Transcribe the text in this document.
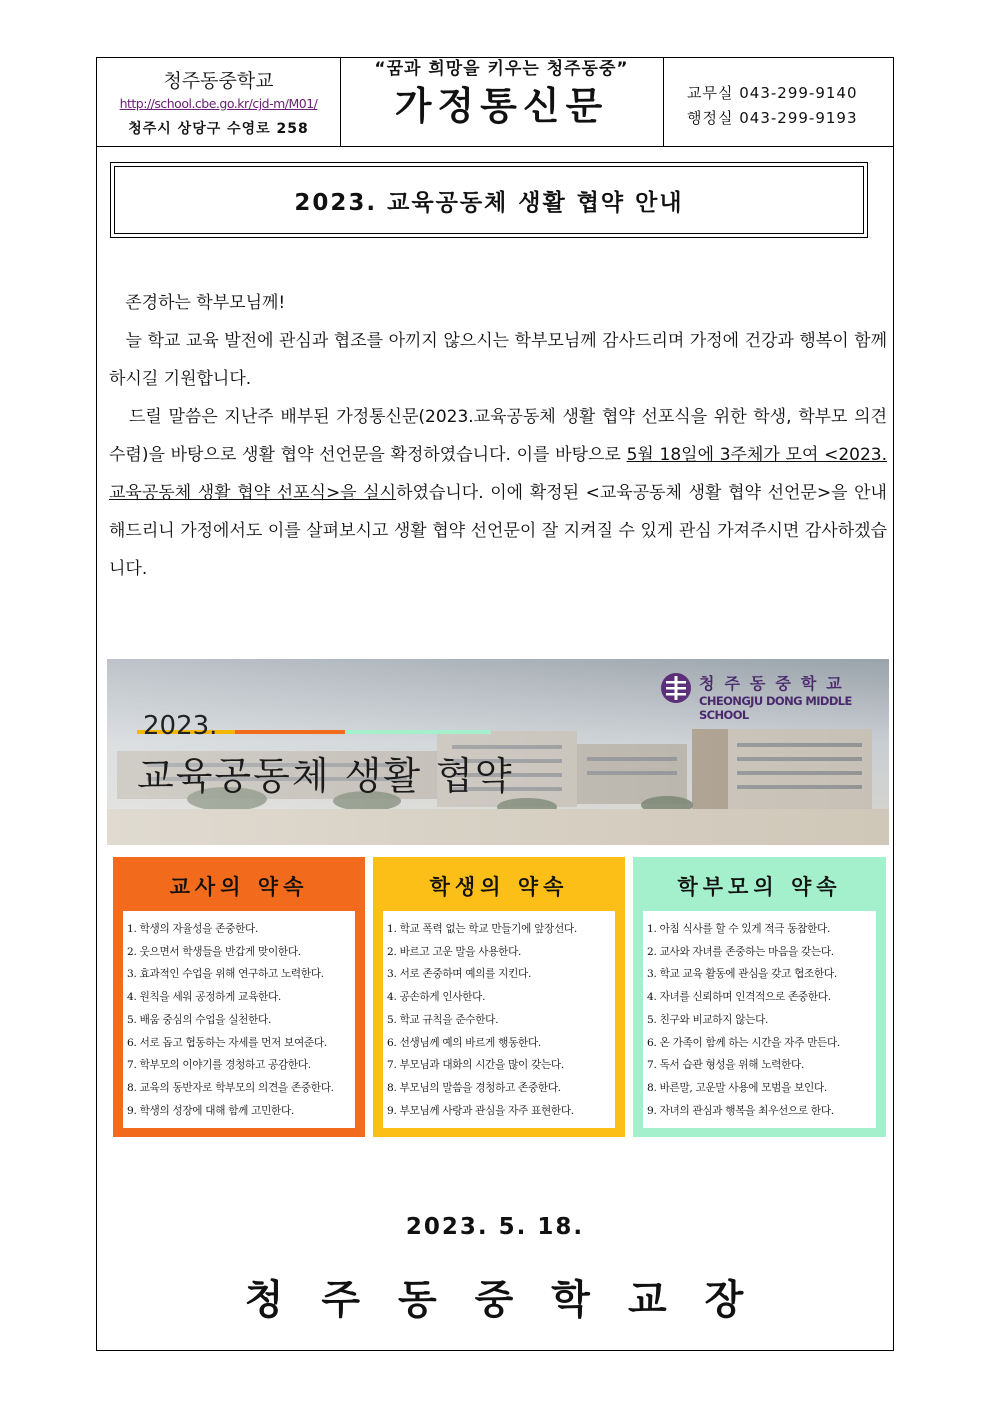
청주동중학교
http://school.cbe.go.kr/cjd-m/M01/
청주시 상당구 수영로 258
“꿈과 희망을 키우는 청주동중”
가정통신문	교무실 043-299-9140
행정실 043-299-9193
2023. 교육공동체 생활 협약 안내
존경하는 학부모님께!
늘 학교 교육 발전에 관심과 협조를 아끼지 않으시는 학부모님께 감사드리며 가정에 건강과 행복이 함께 하시길 기원합니다.
드릴 말씀은 지난주 배부된 가정통신문(2023.교육공동체 생활 협약 선포식을 위한 학생, 학부모 의견 수렴)을 바탕으로 생활 협약 선언문을 확정하였습니다. 이를 바탕으로 5월 18일에 3주체가 모여 <2023. 교육공동체 생활 협약 선포식>을 실시하였습니다. 이에 확정된 <교육공동체 생활 협약 선언문>을 안내해드리니 가정에서도 이를 살펴보시고 생활 협약 선언문이 잘 지켜질 수 있게 관심 가져주시면 감사하겠습니다.
2023.
교육공동체 생활 협약
청주동중학교
CHEONGJU DONG MIDDLE SCHOOL
교사의 약속
1. 학생의 자율성을 존중한다.
2. 웃으면서 학생들을 반갑게 맞이한다.
3. 효과적인 수업을 위해 연구하고 노력한다.
4. 원칙을 세워 공정하게 교육한다.
5. 배움 중심의 수업을 실천한다.
6. 서로 돕고 협동하는 자세를 먼저 보여준다.
7. 학부모의 이야기를 경청하고 공감한다.
8. 교육의 동반자로 학부모의 의견을 존중한다.
9. 학생의 성장에 대해 함께 고민한다.
학생의 약속
1. 학교 폭력 없는 학교 만들기에 앞장선다.
2. 바르고 고운 말을 사용한다.
3. 서로 존중하며 예의를 지킨다.
4. 공손하게 인사한다.
5. 학교 규칙을 준수한다.
6. 선생님께 예의 바르게 행동한다.
7. 부모님과 대화의 시간을 많이 갖는다.
8. 부모님의 말씀을 경청하고 존중한다.
9. 부모님께 사랑과 관심을 자주 표현한다.
학부모의 약속
1. 아침 식사를 할 수 있게 적극 동참한다.
2. 교사와 자녀를 존중하는 마음을 갖는다.
3. 학교 교육 활동에 관심을 갖고 협조한다.
4. 자녀를 신뢰하며 인격적으로 존중한다.
5. 친구와 비교하지 않는다.
6. 온 가족이 함께 하는 시간을 자주 만든다.
7. 독서 습관 형성을 위해 노력한다.
8. 바른말, 고운말 사용에 모범을 보인다.
9. 자녀의 관심과 행복을 최우선으로 한다.
2023. 5. 18.
청주동중학교장
